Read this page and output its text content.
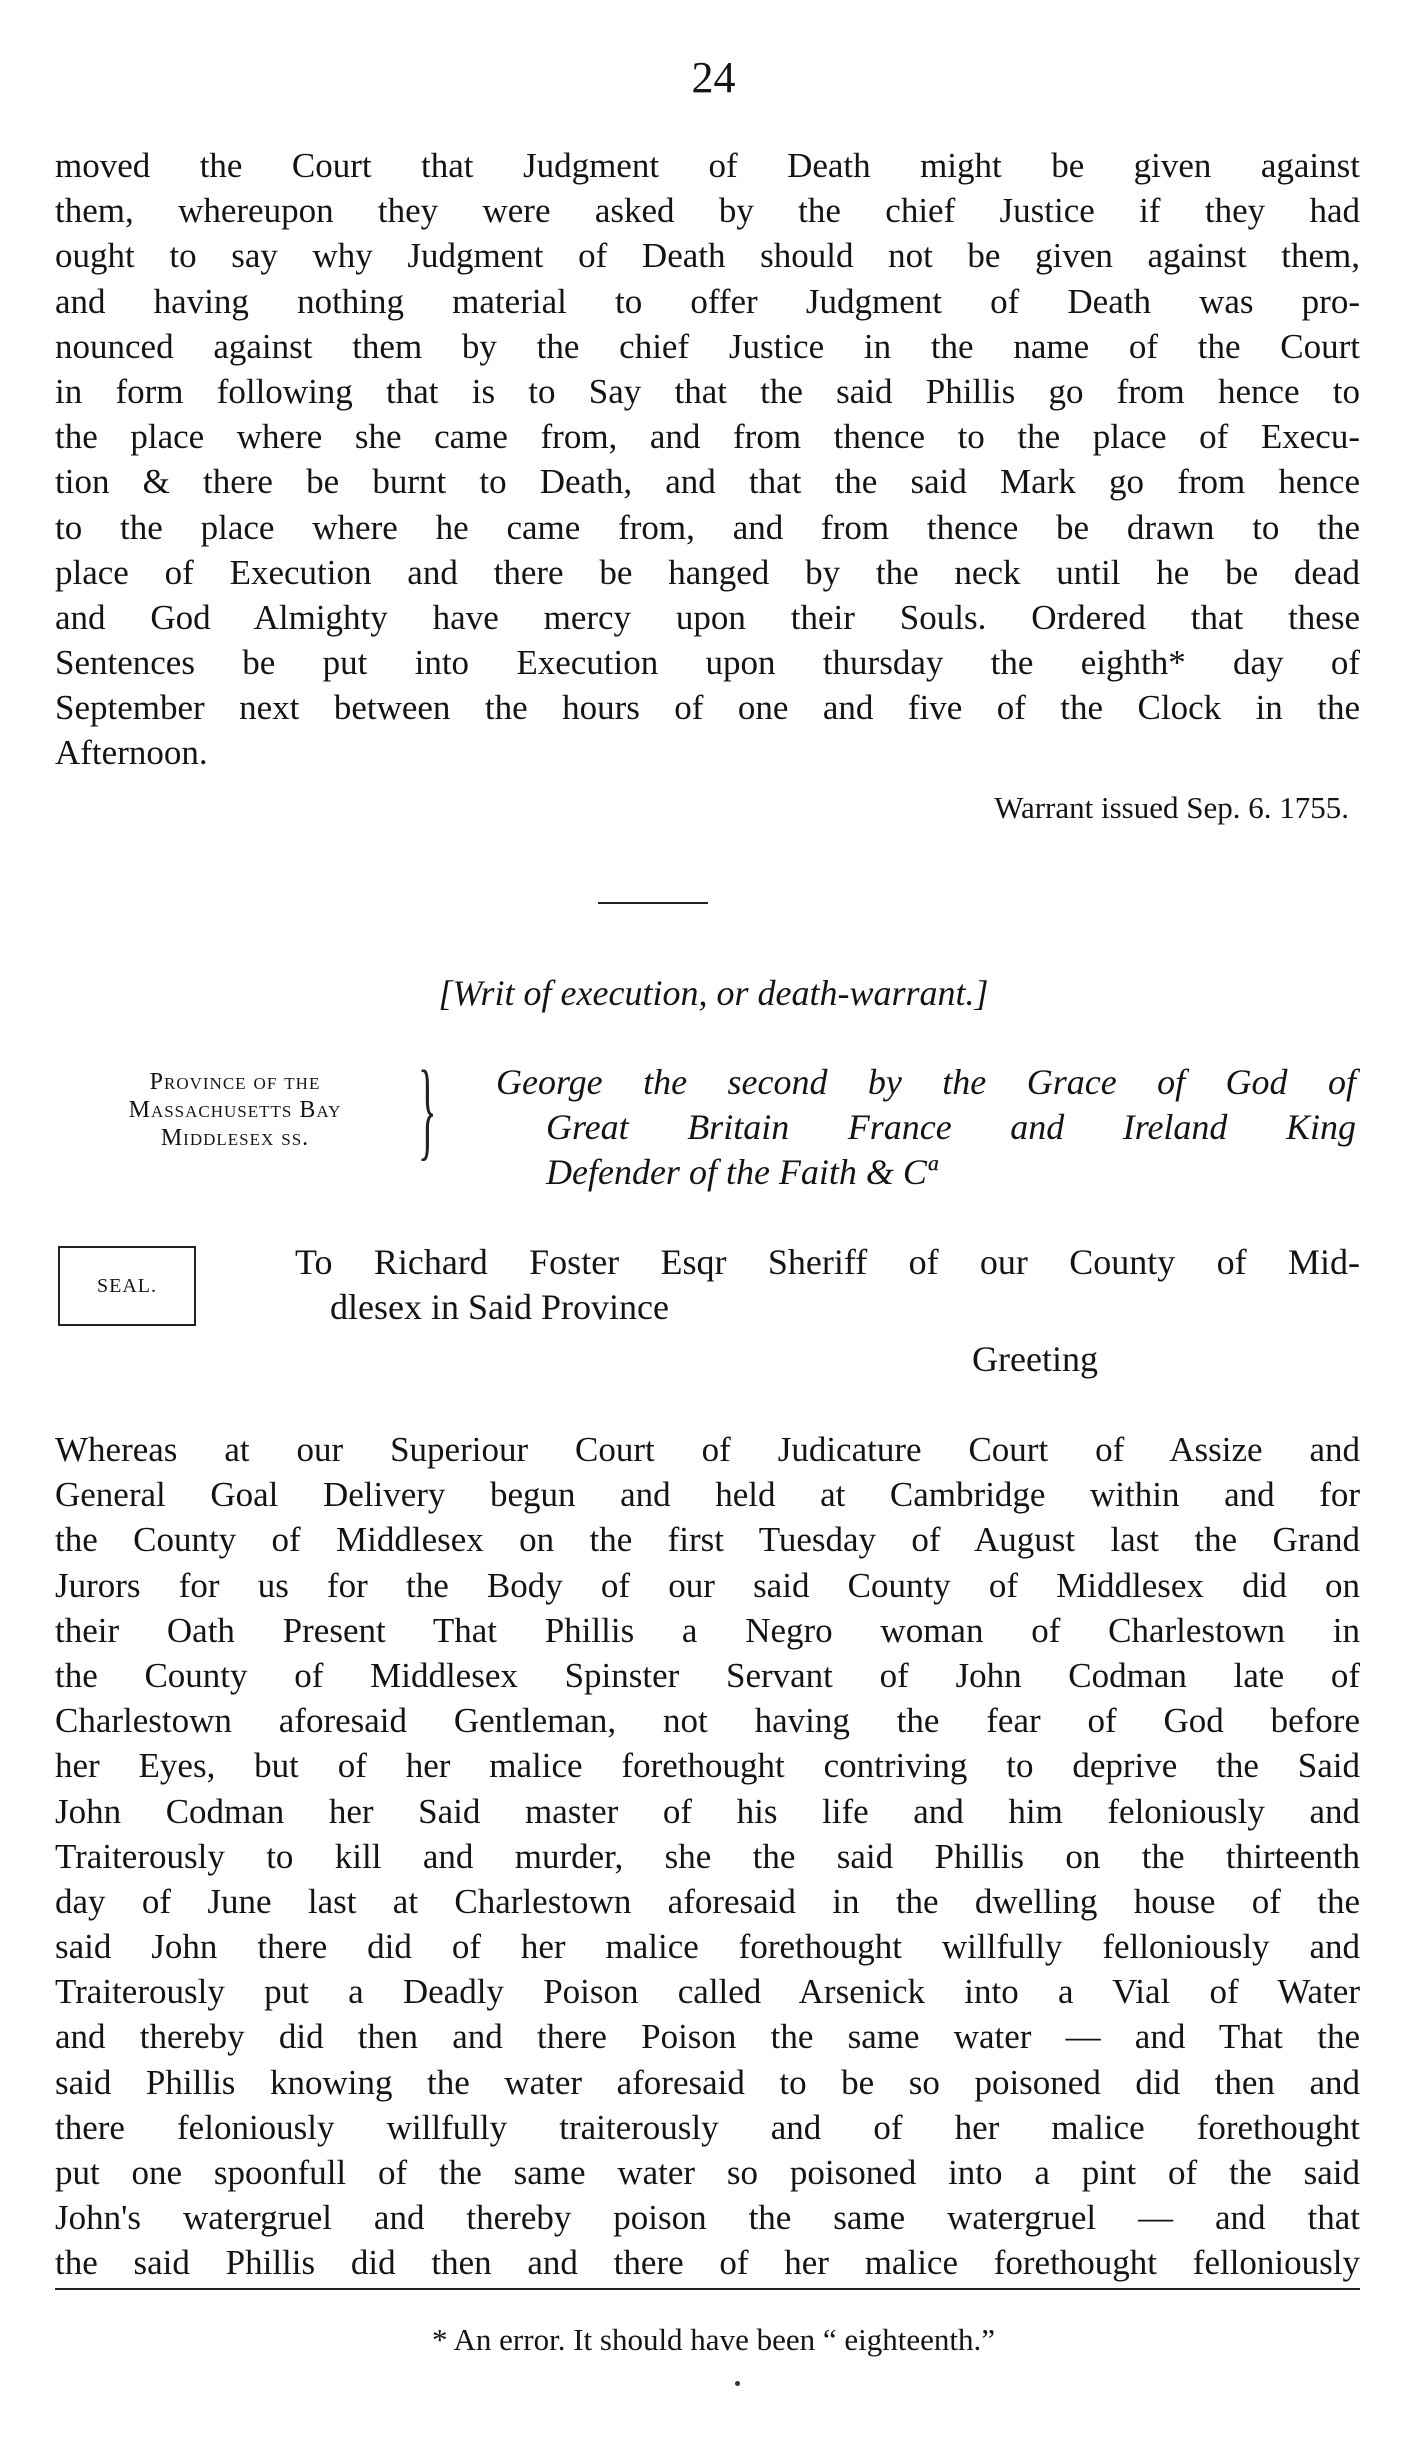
24
moved the Court that Judgment of Death might be given against
them, whereupon they were asked by the chief Justice if they had
ought to say why Judgment of Death should not be given against them,
and having nothing material to offer Judgment of Death was pro-
nounced against them by the chief Justice in the name of the Court
in form following that is to Say that the said Phillis go from hence to
the place where she came from, and from thence to the place of Execu-
tion & there be burnt to Death, and that the said Mark go from hence
to the place where he came from, and from thence be drawn to the
place of Execution and there be hanged by the neck until he be dead
and God Almighty have mercy upon their Souls. Ordered that these
Sentences be put into Execution upon thursday the eighth* day of
September next between the hours of one and five of the Clock in the
Afternoon.
Warrant issued Sep. 6. 1755.
[Writ of execution, or death-warrant.]
Province of the
Massachusetts Bay
Middlesex ss. } George the second by the Grace of God of
Great Britain France and Ireland King
Defender of the Faith & Cª
SEAL.
To Richard Foster Esqr Sheriff of our County of Mid-
dlesex in Said Province
Greeting
Whereas at our Superiour Court of Judicature Court of Assize and
General Goal Delivery begun and held at Cambridge within and for
the County of Middlesex on the first Tuesday of August last the Grand
Jurors for us for the Body of our said County of Middlesex did on
their Oath Present That Phillis a Negro woman of Charlestown in
the County of Middlesex Spinster Servant of John Codman late of
Charlestown aforesaid Gentleman, not having the fear of God before
her Eyes, but of her malice forethought contriving to deprive the Said
John Codman her Said master of his life and him feloniously and
Traiterously to kill and murder, she the said Phillis on the thirteenth
day of June last at Charlestown aforesaid in the dwelling house of the
said John there did of her malice forethought willfully felloniously and
Traiterously put a Deadly Poison called Arsenick into a Vial of Water
and thereby did then and there Poison the same water — and That the
said Phillis knowing the water aforesaid to be so poisoned did then and
there feloniously willfully traiterously and of her malice forethought
put one spoonfull of the same water so poisoned into a pint of the said
John's watergruel and thereby poison the same watergruel — and that
the said Phillis did then and there of her malice forethought felloniously
* An error. It should have been “ eighteenth.”
